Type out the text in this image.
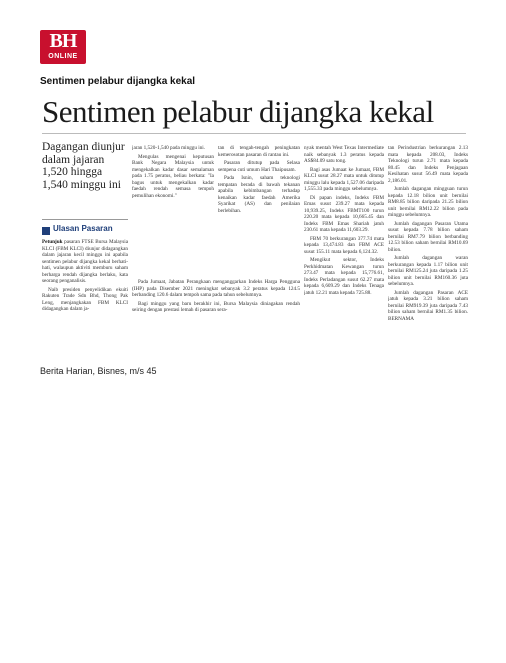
BH
ONLINE
Sentimen pelabur dijangka kekal
Sentimen pelabur dijangka kekal
Dagangan diunjur dalam jajaran 1,520 hingga 1,540 minggu ini
Ulasan Pasaran

Petunjuk pasaran FTSE Bursa Malaysia KLCI (FBM KLCI) diunjur didagangkan dalam jajaran kecil minggu ini apabila sentimen pelabur dijangka kekal berhati-hati, walaupun aktiviti memburu saham berharga rendah dijangka berlaku, kata seorang penganalisis.

Naib presiden penyelidikan ekuiti Rakuten Trade Sdn Bhd, Thong Pak Leng, menjangkakan FBM KLCI didagangkan dalam ja-

jaran 1,520-1,540 pada minggu ini.

Mengulas mengenai keputusan Bank Negara Malaysia untuk mengekalkan kadar dasar semalaman pada 1.75 peratus, beliau berkata: "Ia bagus untuk mengekalkan kadar faedah rendah semasa tempoh pemulihan ekonomi."

tan di tengah-tengah peningkatan kemerosotan pasaran di rantau ini.

Pasaran ditutup pada Selasa sempena cuti umum Hari Thaipusam.

Pada Isnin, saham teknologi tempatan berada di bawah tekanan apabila kebimbangan terhadap kenaikan kadar faedah Amerika Syarikat (AS) dan penilaian berlebihan.

Pada Jumaat, Jabatan Perangkaan menganggarkan Indeks Harga Pengguna (IHP) pada Disember 2021 meningkat sebanyak 3.2 peratus kepada 124.5 berbanding 120.6 dalam tempoh sama pada tahun sebelumnya.

Bagi minggu yang baru berakhir ini, Bursa Malaysia diniagakan rendah seiring dengan prestasi lemah di pasaran sera-

nyak mentah West Texas Intermediate naik sebanyak 1.3 peratus kepada AS$84.09 satu tong.

Bagi asas Jumaat ke Jumaat, FBM KLCI susut 28.27 mata untuk ditutup minggu lalu kepada 1,527.06 daripada 1,555.33 pada minggu sebelumnya.

Di papan indeks, Indeks FBM Emas susut 239.27 mata kepada 10,939.25, Indeks FBMT100 turun 220.20 mata kepada 10,665.45 dan Indeks FBM Emas Shariah jatuh 230.61 mata kepada 11,603.29.

FBM 70 berkurangan 377.74 mata kepada 13,474.83 dan FBM ACE susut 155.11 mata kepada 6,124.32.

Mengikut sektor, Indeks Perkhidmatan Kewangan turun 273.47 mata kepada 15,776.61, Indeks Perladangan susut 62.27 mata kepada 6,609.29 dan Indeks Tenaga jatuh 12.21 mata kepada 725.88.

tan Perindustrian berkurangan 2.13 mata kepada 208.03, Indeks Teknologi turun 2.71 mata kepada 80.45 dan Indeks Penjagaan Kesihatan susut 56.49 mata kepada 2,186.01.

Jumlah dagangan mingguan turun kepada 12.18 bilion unit bernilai RM8.85 bilion daripada 21.25 bilion unit bernilai RM12.22 bilion pada minggu sebelumnya.

Jumlah dagangan Pasaran Utama susut kepada 7.78 bilion saham bernilai RM7.79 bilion berbanding 12.53 bilion saham bernilai RM10.69 bilion.

Jumlah dagangan waran berkurangan kepada 1.17 bilion unit bernilai RM125.24 juta daripada 1.25 bilion unit bernilai RM160.36 juta sebelumnya.

Jumlah dagangan Pasaran ACE jatuh kepada 3.21 bilion saham bernilai RM919.39 juta daripada 7.43 bilion saham bernilai RM1.35 bilion. BERNAMA

Berita Harian, Bisnes, m/s 45
